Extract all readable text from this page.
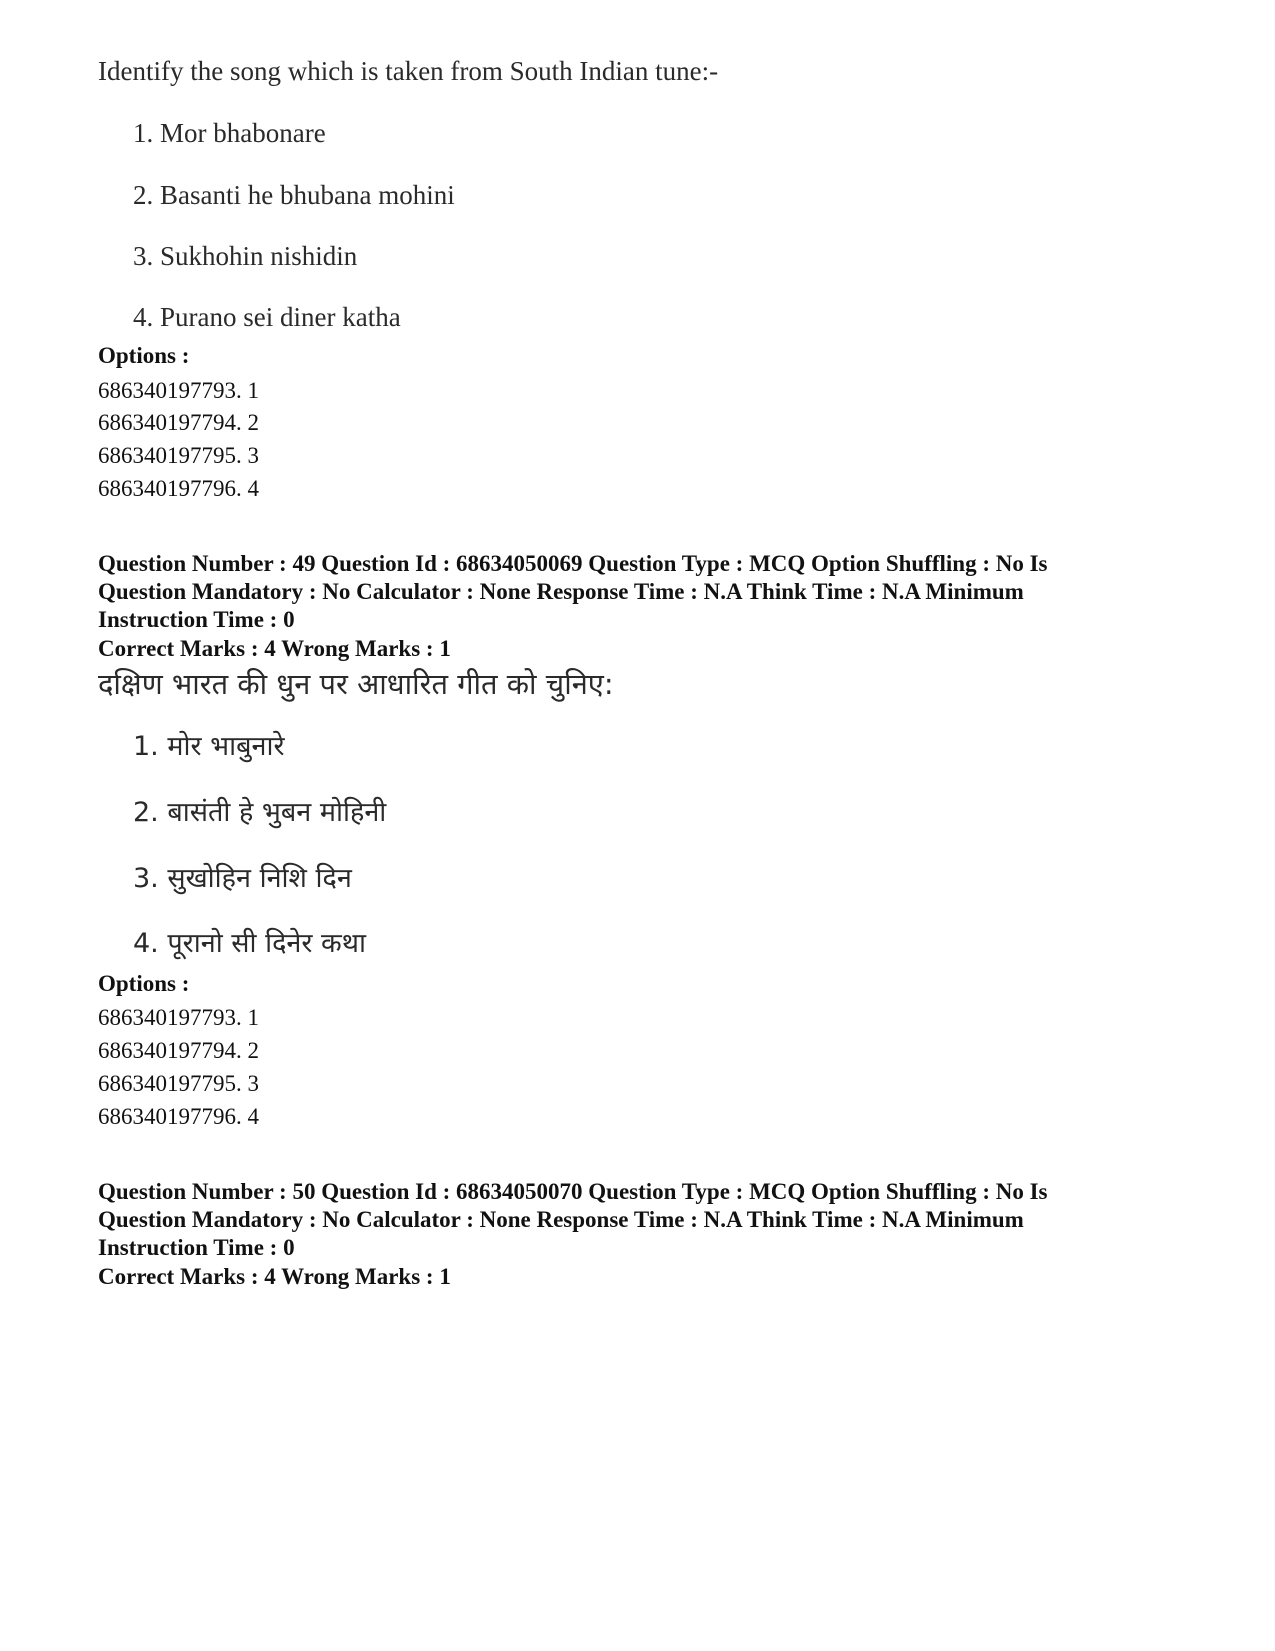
Identify the song which is taken from South Indian tune:-
1. Mor bhabonare
2. Basanti he bhubana mohini
3. Sukhohin nishidin
4. Purano sei diner katha
Options :
686340197793. 1
686340197794. 2
686340197795. 3
686340197796. 4
Question Number : 49 Question Id : 68634050069 Question Type : MCQ Option Shuffling : No Is
Question Mandatory : No Calculator : None Response Time : N.A Think Time : N.A Minimum
Instruction Time : 0
Correct Marks : 4 Wrong Marks : 1
दक्षिण भारत की धुन पर आधारित गीत को चुनिए:
1. मोर भाबुनारे
2. बासंती हे भुबन मोहिनी
3. सुखोहिन निशि दिन
4. पूरानो सी दिनेर कथा
Options :
686340197793. 1
686340197794. 2
686340197795. 3
686340197796. 4
Question Number : 50 Question Id : 68634050070 Question Type : MCQ Option Shuffling : No Is
Question Mandatory : No Calculator : None Response Time : N.A Think Time : N.A Minimum
Instruction Time : 0
Correct Marks : 4 Wrong Marks : 1
